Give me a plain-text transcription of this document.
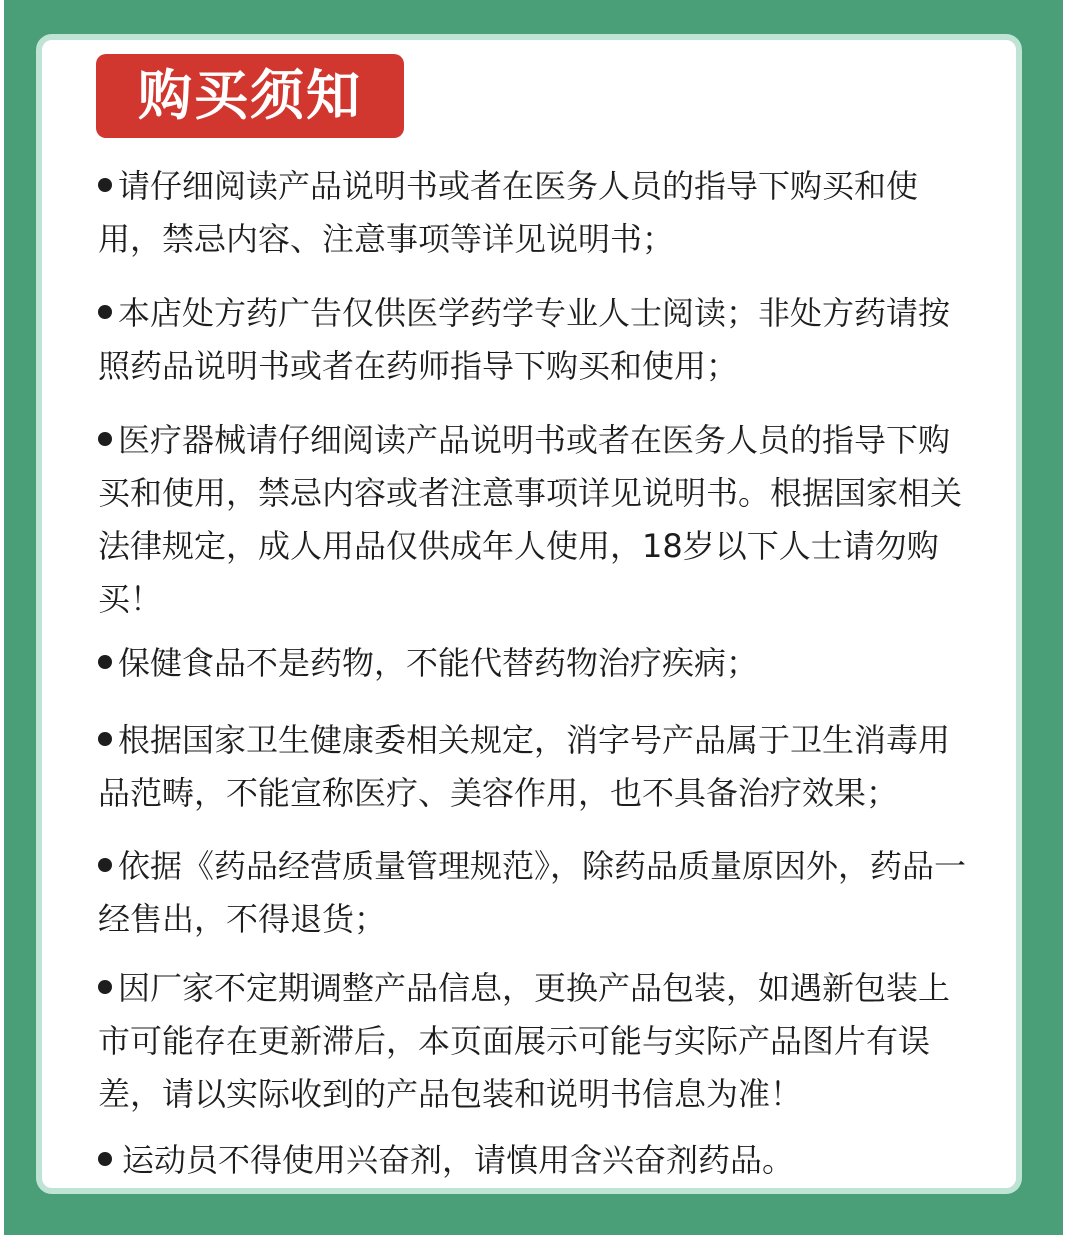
购买须知

请仔细阅读产品说明书或者在医务人员的指导下购买和使用，禁忌内容、注意事项等详见说明书；

本店处方药广告仅供医学药学专业人士阅读；非处方药请按照药品说明书或者在药师指导下购买和使用；

医疗器械请仔细阅读产品说明书或者在医务人员的指导下购买和使用，禁忌内容或者注意事项详见说明书。根据国家相关法律规定，成人用品仅供成年人使用，18岁以下人士请勿购买！

保健食品不是药物，不能代替药物治疗疾病；

根据国家卫生健康委相关规定，消字号产品属于卫生消毒用品范畴，不能宣称医疗、美容作用，也不具备治疗效果；

依据《药品经营质量管理规范》，除药品质量原因外，药品一经售出，不得退货；

因厂家不定期调整产品信息，更换产品包装，如遇新包装上市可能存在更新滞后，本页面展示可能与实际产品图片有误差，请以实际收到的产品包装和说明书信息为准！

运动员不得使用兴奋剂，请慎用含兴奋剂药品。
